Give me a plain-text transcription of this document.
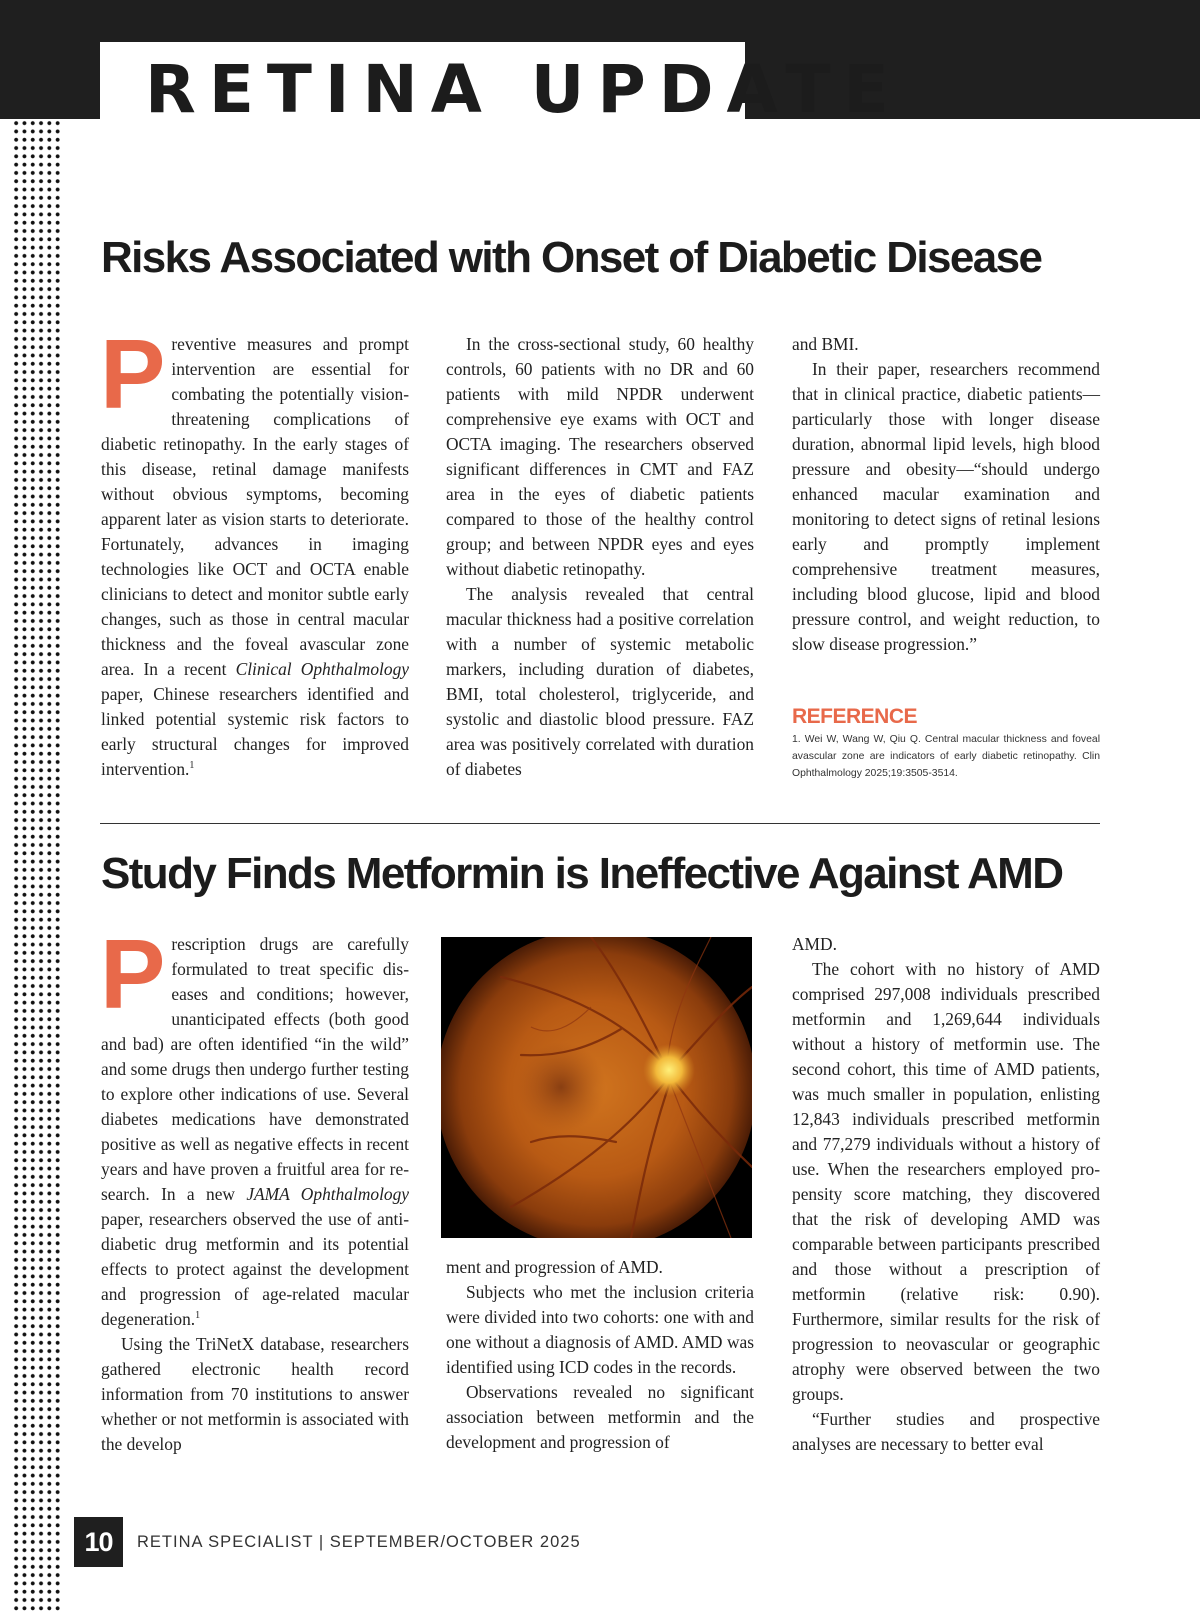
RETINA UPDATE
Risks Associated with Onset of Diabetic Disease

Preventive measures and prompt intervention are essential for combating the potentially vision-threatening complications of diabetic retinopathy. In the early stages of this disease, retinal damage manifests without obvious symptoms, becoming apparent later as vision starts to deteriorate. Fortunately, advances in imaging technologies like OCT and OCTA enable clinicians to detect and monitor subtle early changes, such as those in central macular thickness and the foveal avascular zone area. In a recent Clinical Ophthalmology paper, Chinese researchers identified and linked potential systemic risk factors to early structural changes for improved intervention.$^1$

In the cross-sectional study, 60 healthy controls, 60 patients with no DR and 60 patients with mild NPDR underwent comprehensive eye exams with OCT and OCTA imaging. The researchers observed significant differences in CMT and FAZ area in the eyes of diabetic patients compared to those of the healthy control group; and between NPDR eyes and eyes without diabetic retinopathy.

The analysis revealed that central macular thickness had a positive correlation with a number of systemic metabolic markers, including duration of diabetes, BMI, total cholesterol, triglyceride, and systolic and diastolic blood pressure. FAZ area was positively correlated with duration of diabetes

and BMI.

In their paper, researchers recommend that in clinical practice, diabetic patients—particularly those with longer disease duration, abnormal lipid levels, high blood pressure and obesity—“should undergo enhanced macular examination and monitoring to detect signs of retinal lesions early and promptly implement comprehensive treatment measures, including blood glucose, lipid and blood pressure control, and weight reduction, to slow disease progression.”

REFERENCE

1. Wei W, Wang W, Qiu Q. Central macular thickness and foveal avascular zone are indicators of early diabetic retinopathy. Clin Ophthalmology 2025;19:3505-3514.

Study Finds Metformin is Ineffective Against AMD

Prescription drugs are carefully formulated to treat specific diseases and conditions; however, unanticipated effects (both good and bad) are often identified “in the wild” and some drugs then undergo further testing to explore other indications of use. Several diabetes medications have demonstrated positive as well as negative effects in recent years and have proven a fruitful area for research. In a new JAMA Ophthalmology paper, researchers observed the use of anti-diabetic drug metformin and its potential effects to protect against the development and progression of age-related macular degeneration.$^1$

Using the TriNetX database, researchers gathered electronic health record information from 70 institutions to answer whether or not metformin is associated with the develop

ment and progression of AMD.

Subjects who met the inclusion criteria were divided into two cohorts: one with and one without a diagnosis of AMD. AMD was identified using ICD codes in the records.

Observations revealed no significant association between metformin and the development and progression of

AMD.

The cohort with no history of AMD comprised 297,008 individuals prescribed metformin and 1,269,644 individuals without a history of metformin use. The second cohort, this time of AMD patients, was much smaller in population, enlisting 12,843 individuals prescribed metformin and 77,279 individuals without a history of use. When the researchers employed propensity score matching, they discovered that the risk of developing AMD was comparable between participants prescribed and those without a prescription of metformin (relative risk: 0.90). Furthermore, similar results for the risk of progression to neovascular or geographic atrophy were observed between the two groups.

“Further studies and prospective analyses are necessary to better eval

10	RETINA SPECIALIST | SEPTEMBER/OCTOBER 2025
